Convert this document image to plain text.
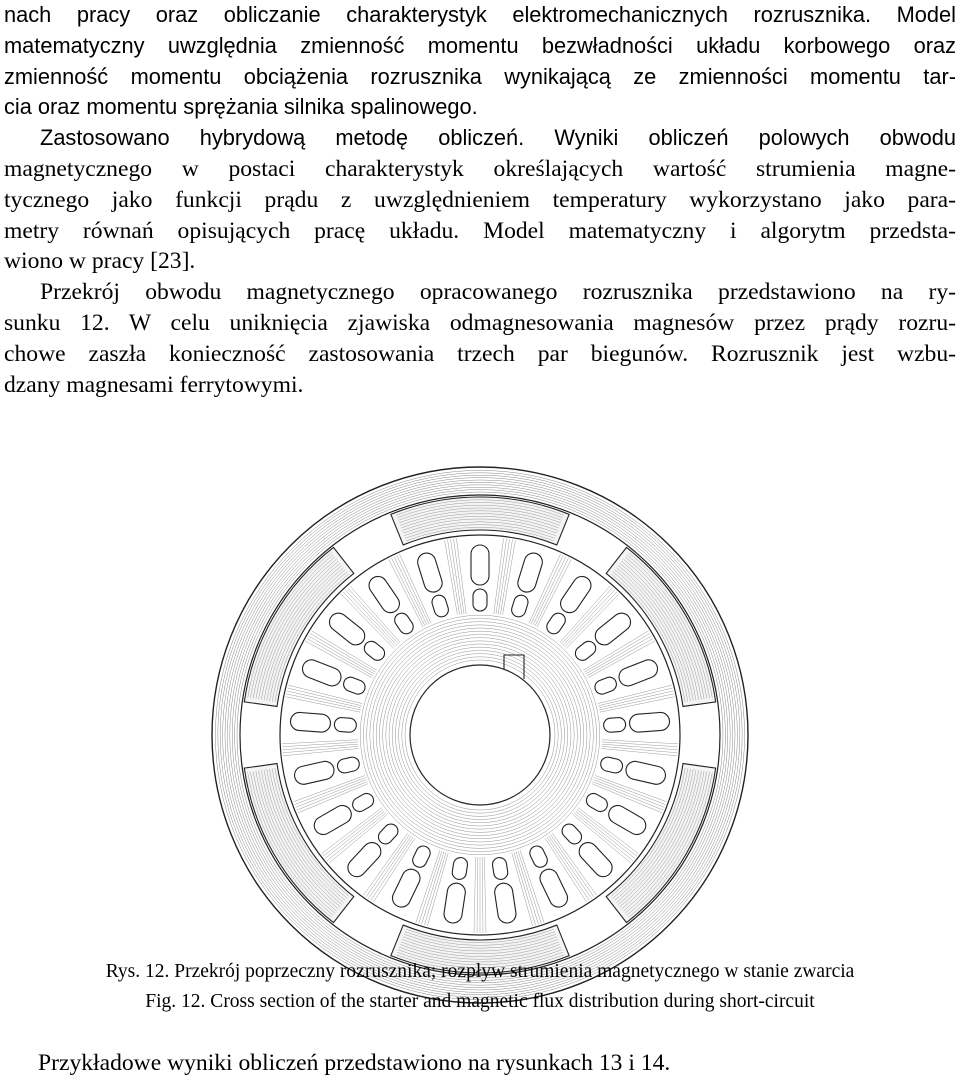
nach pracy oraz obliczanie charakterystyk elektromechanicznych rozrusznika. Model
matematyczny uwzględnia zmienność momentu bezwładności układu korbowego oraz
zmienność momentu obciążenia rozrusznika wynikającą ze zmienności momentu tar-
cia oraz momentu sprężania silnika spalinowego.
Zastosowano hybrydową metodę obliczeń. Wyniki obliczeń polowych obwodu
magnetycznego w postaci charakterystyk określających wartość strumienia magne-
tycznego jako funkcji prądu z uwzględnieniem temperatury wykorzystano jako para-
metry równań opisujących pracę układu. Model matematyczny i algorytm przedsta-
wiono w pracy [23].
Przekrój obwodu magnetycznego opracowanego rozrusznika przedstawiono na ry-
sunku 12. W celu uniknięcia zjawiska odmagnesowania magnesów przez prądy rozru-
chowe zaszła konieczność zastosowania trzech par biegunów. Rozrusznik jest wzbu-
dzany magnesami ferrytowymi.
Rys. 12. Przekrój poprzeczny rozrusznika; rozpływ strumienia magnetycznego w stanie zwarcia
Fig. 12. Cross section of the starter and magnetic flux distribution during short-circuit
Przykładowe wyniki obliczeń przedstawiono na rysunkach 13 i 14.
